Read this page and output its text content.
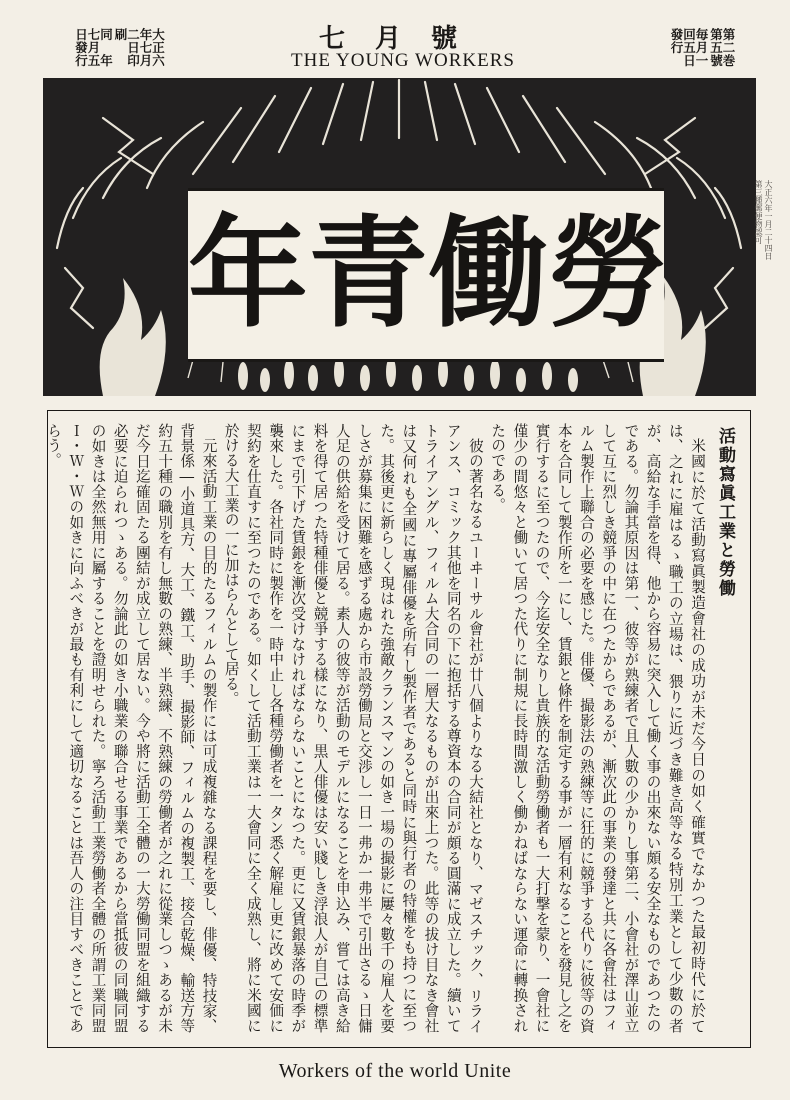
大正六年七月二日印刷
同　年七月五日發行	七月號
THE YOUNG WORKERS	第二巻第五號
毎月一回五日發行
勞
働
青
年	大正六年一月二十四日
第三種郵便物認可
活動寫眞工業と勞働

米國に於て活動寫眞製造會社の成功が未だ今日の如く確實でなかつた最初時代に於ては、之れに雇はるゝ職工の立場は、猥りに近づき難き高等なる特別工業として少數の者が、高給な手當を得、他から容易に突入して働く事の出來ない頗る安全なものであつたのである。勿論其原因は第一、彼等が熟練者で且人數の少かりし事第二、小會社が澤山並立して互に烈しき競爭の中に在つたからであるが、漸次此の事業の發達と共に各會社はフィルム製作上聯合の必要を感じた。俳優、撮影法の熟練等に狂的に競爭する代りに彼等の資本を合同して製作所を一にし、賃銀と條件を制定する事が一層有利なることを發見し之を實行するに至つたので、今迄安全なりし貴族的な活動勞働者も一大打撃を蒙り、一會社に僅少の間悠々と働いて居つた代りに制規に長時間激しく働かねばならない運命に轉换されたのである。

彼の著名なるユーヰーサル會社が廿八個よりなる大結社となり、マゼスチック、リライアンス、コミック其他を同名の下に抱括する尊資本の合同が頗る圓滿に成立した。續いてトライアングル、フィルム大合同の一層大なるものが出來上つた。此等の拔け目なき會社は又何れも全國に專屬俳優を所有し製作者であると同時に與行者の特權をも持つに至つた。其後更に新らしく現はれた強敵クランスマンの如き一場の撮影に屢々數千の雇人を要しさが募集に困難を感ずる處から市設勞働局と交渉し一日一弗か一弗半で引出さるゝ日傭人足の供給を受けて居る。素人の彼等が活動のモデルになることを申込み、嘗ては高き給料を得て居つた特種俳優と競爭する樣になり、黒人俳優は安い賤しき浮浪人が自己の標準にまで引下げた賃銀を漸次受けなければならないことになつた。更に又賃銀暴落の時季が襲來した。各社同時に製作を一時中止し各種勞働者を一タン悉く解雇し更に改めて安価に契約を仕直すに至つたのである。如くして活動工業は一大會同に全く成熟し、將に米國に於ける大工業の一に加はらんとして居る。

元來活動工業の目的たるフィルムの製作には可成複雜なる課程を要し、俳優、特技家、背景係―小道具方、大工、鐵工、助手、撮影師、フィルムの複製工、接合乾燥、輸送方等約五十種の職別を有し無數の熟練、半熟練、不熟練の勞働者が之れに從業しつゝあるが未だ今日迄確固たる團結が成立して居ない。今や將に活動工全體の一大勞働同盟を組織する必要に迫られつゝある。勿論此の如き小職業の聯合せる事業であるから當抵彼の同職同盟の如きは全然無用に屬することを證明せられた。寧ろ活動工業勞働者全體の所謂工業同盟Ｉ・Ｗ・Ｗの如きに向ふべきが最も有利にして適切なることは吾人の注目すべきことであらう。

Workers of the world Unite
